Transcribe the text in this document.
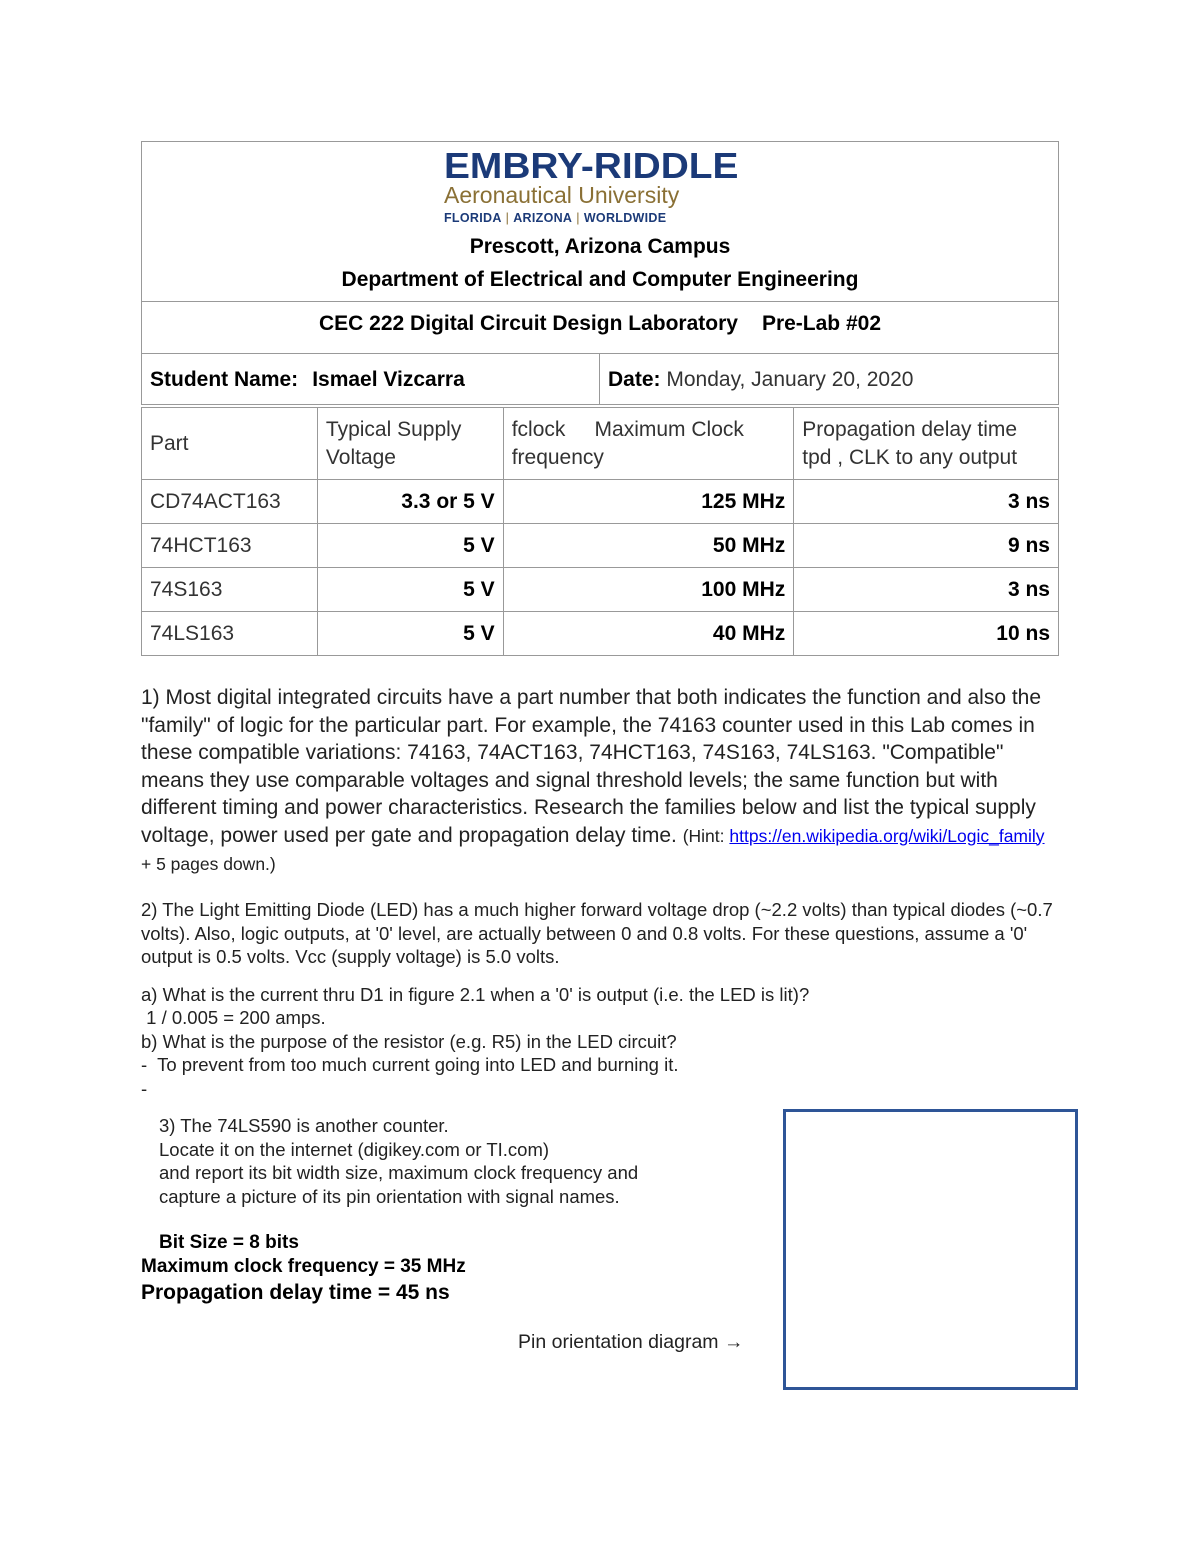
EMBRY-RIDDLE
Aeronautical University
FLORIDA | ARIZONA | WORLDWIDE
Prescott, Arizona Campus
Department of Electrical and Computer Engineering
CEC 222 Digital Circuit Design Laboratory Pre-Lab #02
Student Name: Ismael Vizcarra	Date: Monday, January 20, 2020
Part	Typical Supply Voltage	fclock     Maximum Clock frequency	Propagation delay time tpd , CLK to any output
CD74ACT163	3.3 or 5 V	125 MHz	3 ns
74HCT163	5 V	50 MHz	9 ns
74S163	5 V	100 MHz	3 ns
74LS163	5 V	40 MHz	10 ns
1) Most digital integrated circuits have a part number that both indicates the function and also the "family" of logic for the particular part. For example, the 74163 counter used in this Lab comes in these compatible variations: 74163, 74ACT163, 74HCT163, 74S163, 74LS163. "Compatible" means they use comparable voltages and signal threshold levels; the same function but with different timing and power characteristics. Research the families below and list the typical supply voltage, power used per gate and propagation delay time. (Hint: https://en.wikipedia.org/wiki/Logic_family + 5 pages down.)
2) The Light Emitting Diode (LED) has a much higher forward voltage drop (~2.2 volts) than typical diodes (~0.7 volts). Also, logic outputs, at '0' level, are actually between 0 and 0.8 volts. For these questions, assume a '0' output is 0.5 volts. Vcc (supply voltage) is 5.0 volts.
a) What is the current thru D1 in figure 2.1 when a '0' is output (i.e. the LED is lit)?
1 / 0.005 = 200 amps.
b) What is the purpose of the resistor (e.g. R5) in the LED circuit?
-  To prevent from too much current going into LED and burning it.
-
3) The 74LS590 is another counter.
Locate it on the internet (digikey.com or TI.com)
and report its bit width size, maximum clock frequency and
capture a picture of its pin orientation with signal names.
Bit Size = 8 bits
Maximum clock frequency = 35 MHz
Propagation delay time = 45 ns
Pin orientation diagram →
